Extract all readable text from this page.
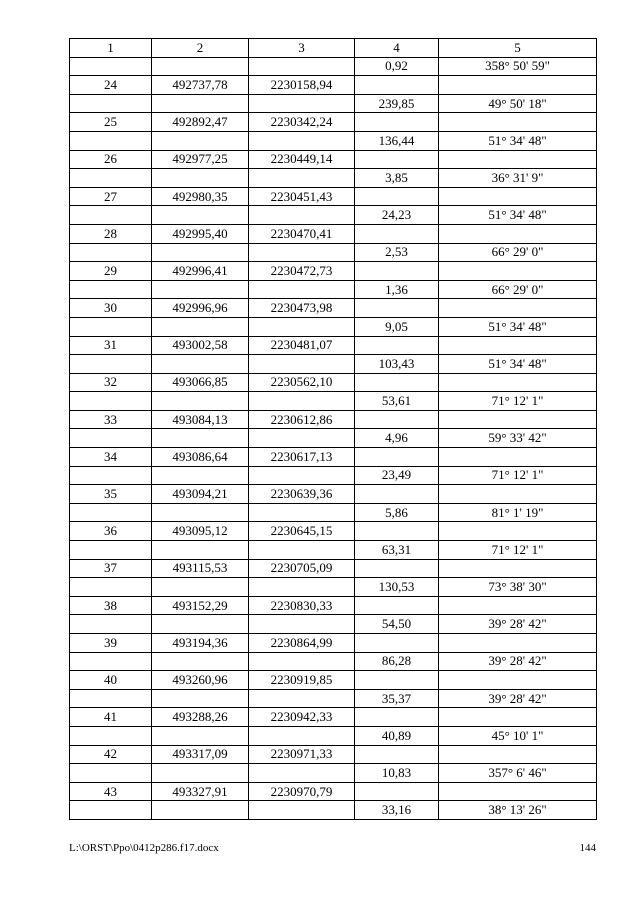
1	2	3	4	5
			0,92	358° 50' 59"
24	492737,78	2230158,94		
			239,85	49° 50' 18"
25	492892,47	2230342,24		
			136,44	51° 34' 48"
26	492977,25	2230449,14		
			3,85	36° 31' 9"
27	492980,35	2230451,43		
			24,23	51° 34' 48"
28	492995,40	2230470,41		
			2,53	66° 29' 0"
29	492996,41	2230472,73		
			1,36	66° 29' 0"
30	492996,96	2230473,98		
			9,05	51° 34' 48"
31	493002,58	2230481,07		
			103,43	51° 34' 48"
32	493066,85	2230562,10		
			53,61	71° 12' 1"
33	493084,13	2230612,86		
			4,96	59° 33' 42"
34	493086,64	2230617,13		
			23,49	71° 12' 1"
35	493094,21	2230639,36		
			5,86	81° 1' 19"
36	493095,12	2230645,15		
			63,31	71° 12' 1"
37	493115,53	2230705,09		
			130,53	73° 38' 30"
38	493152,29	2230830,33		
			54,50	39° 28' 42"
39	493194,36	2230864,99		
			86,28	39° 28' 42"
40	493260,96	2230919,85		
			35,37	39° 28' 42"
41	493288,26	2230942,33		
			40,89	45° 10' 1"
42	493317,09	2230971,33		
			10,83	357° 6' 46"
43	493327,91	2230970,79		
			33,16	38° 13' 26"
L:\ORST\Ppo\0412p286.f17.docx	144
